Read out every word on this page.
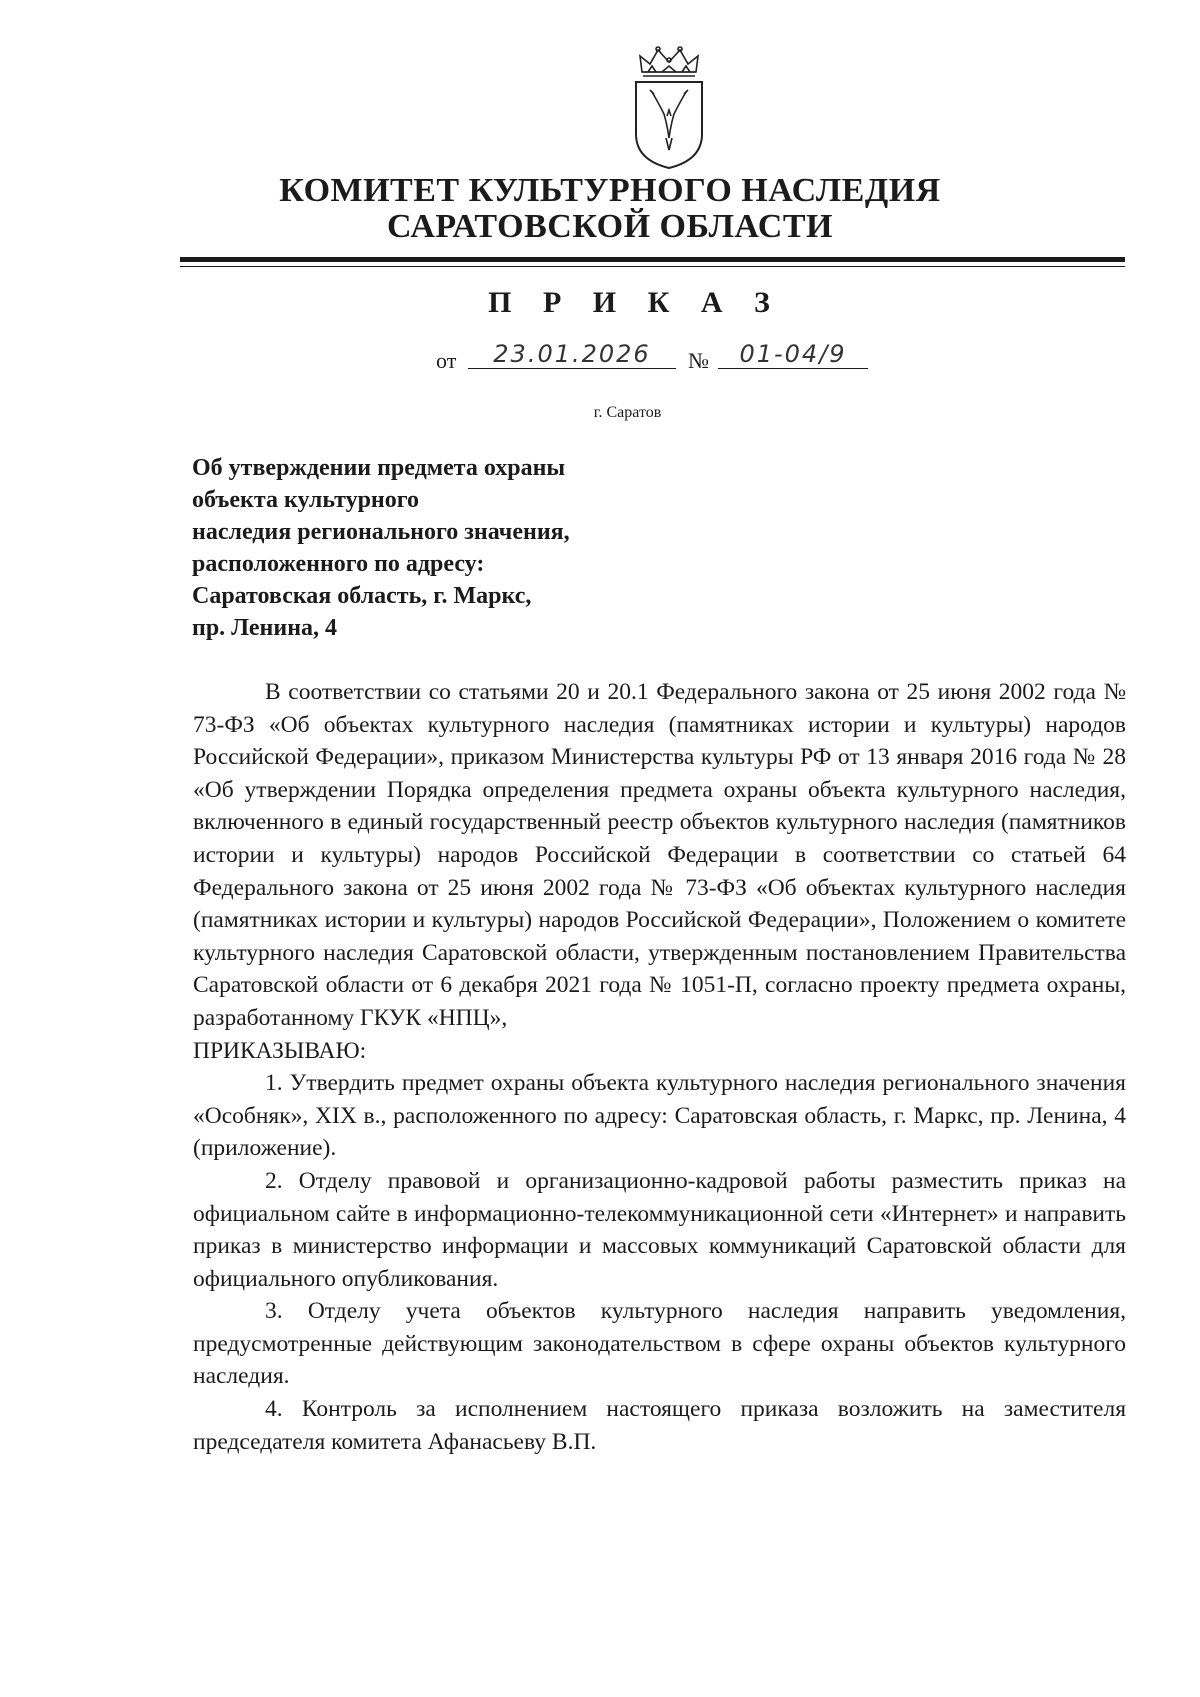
КОМИТЕТ КУЛЬТУРНОГО НАСЛЕДИЯ
САРАТОВСКОЙ ОБЛАСТИ
П Р И К А З
от	23.01.2026	№	01-04/9
г. Саратов
Об утверждении предмета охраны
объекта культурного
наследия регионального значения,
расположенного по адресу:
Саратовская область, г. Маркс,
пр. Ленина, 4

В соответствии со статьями 20 и 20.1 Федерального закона от 25 июня 2002 года № 73-ФЗ «Об объектах культурного наследия (памятниках истории и культуры) народов Российской Федерации», приказом Министерства культуры РФ от 13 января 2016 года № 28 «Об утверждении Порядка определения предмета охраны объекта культурного наследия, включенного в единый государственный реестр объектов культурного наследия (памятников истории и культуры) народов Российской Федерации в соответствии со статьей 64 Федерального закона от 25 июня 2002 года № 73-ФЗ «Об объектах культурного наследия (памятниках истории и культуры) народов Российской Федерации», Положением о комитете культурного наследия Саратовской области, утвержденным постановлением Правительства Саратовской области от 6 декабря 2021 года № 1051-П, согласно проекту предмета охраны, разработанному ГКУК «НПЦ»,

ПРИКАЗЫВАЮ:

1. Утвердить предмет охраны объекта культурного наследия регионального значения «Особняк», XIX в., расположенного по адресу: Саратовская область, г. Маркс, пр. Ленина, 4 (приложение).

2. Отделу правовой и организационно-кадровой работы разместить приказ на официальном сайте в информационно-телекоммуникационной сети «Интернет» и направить приказ в министерство информации и массовых коммуникаций Саратовской области для официального опубликования.

3. Отделу учета объектов культурного наследия направить уведомления, предусмотренные действующим законодательством в сфере охраны объектов культурного наследия.

4. Контроль за исполнением настоящего приказа возложить на заместителя председателя комитета Афанасьеву В.П.
